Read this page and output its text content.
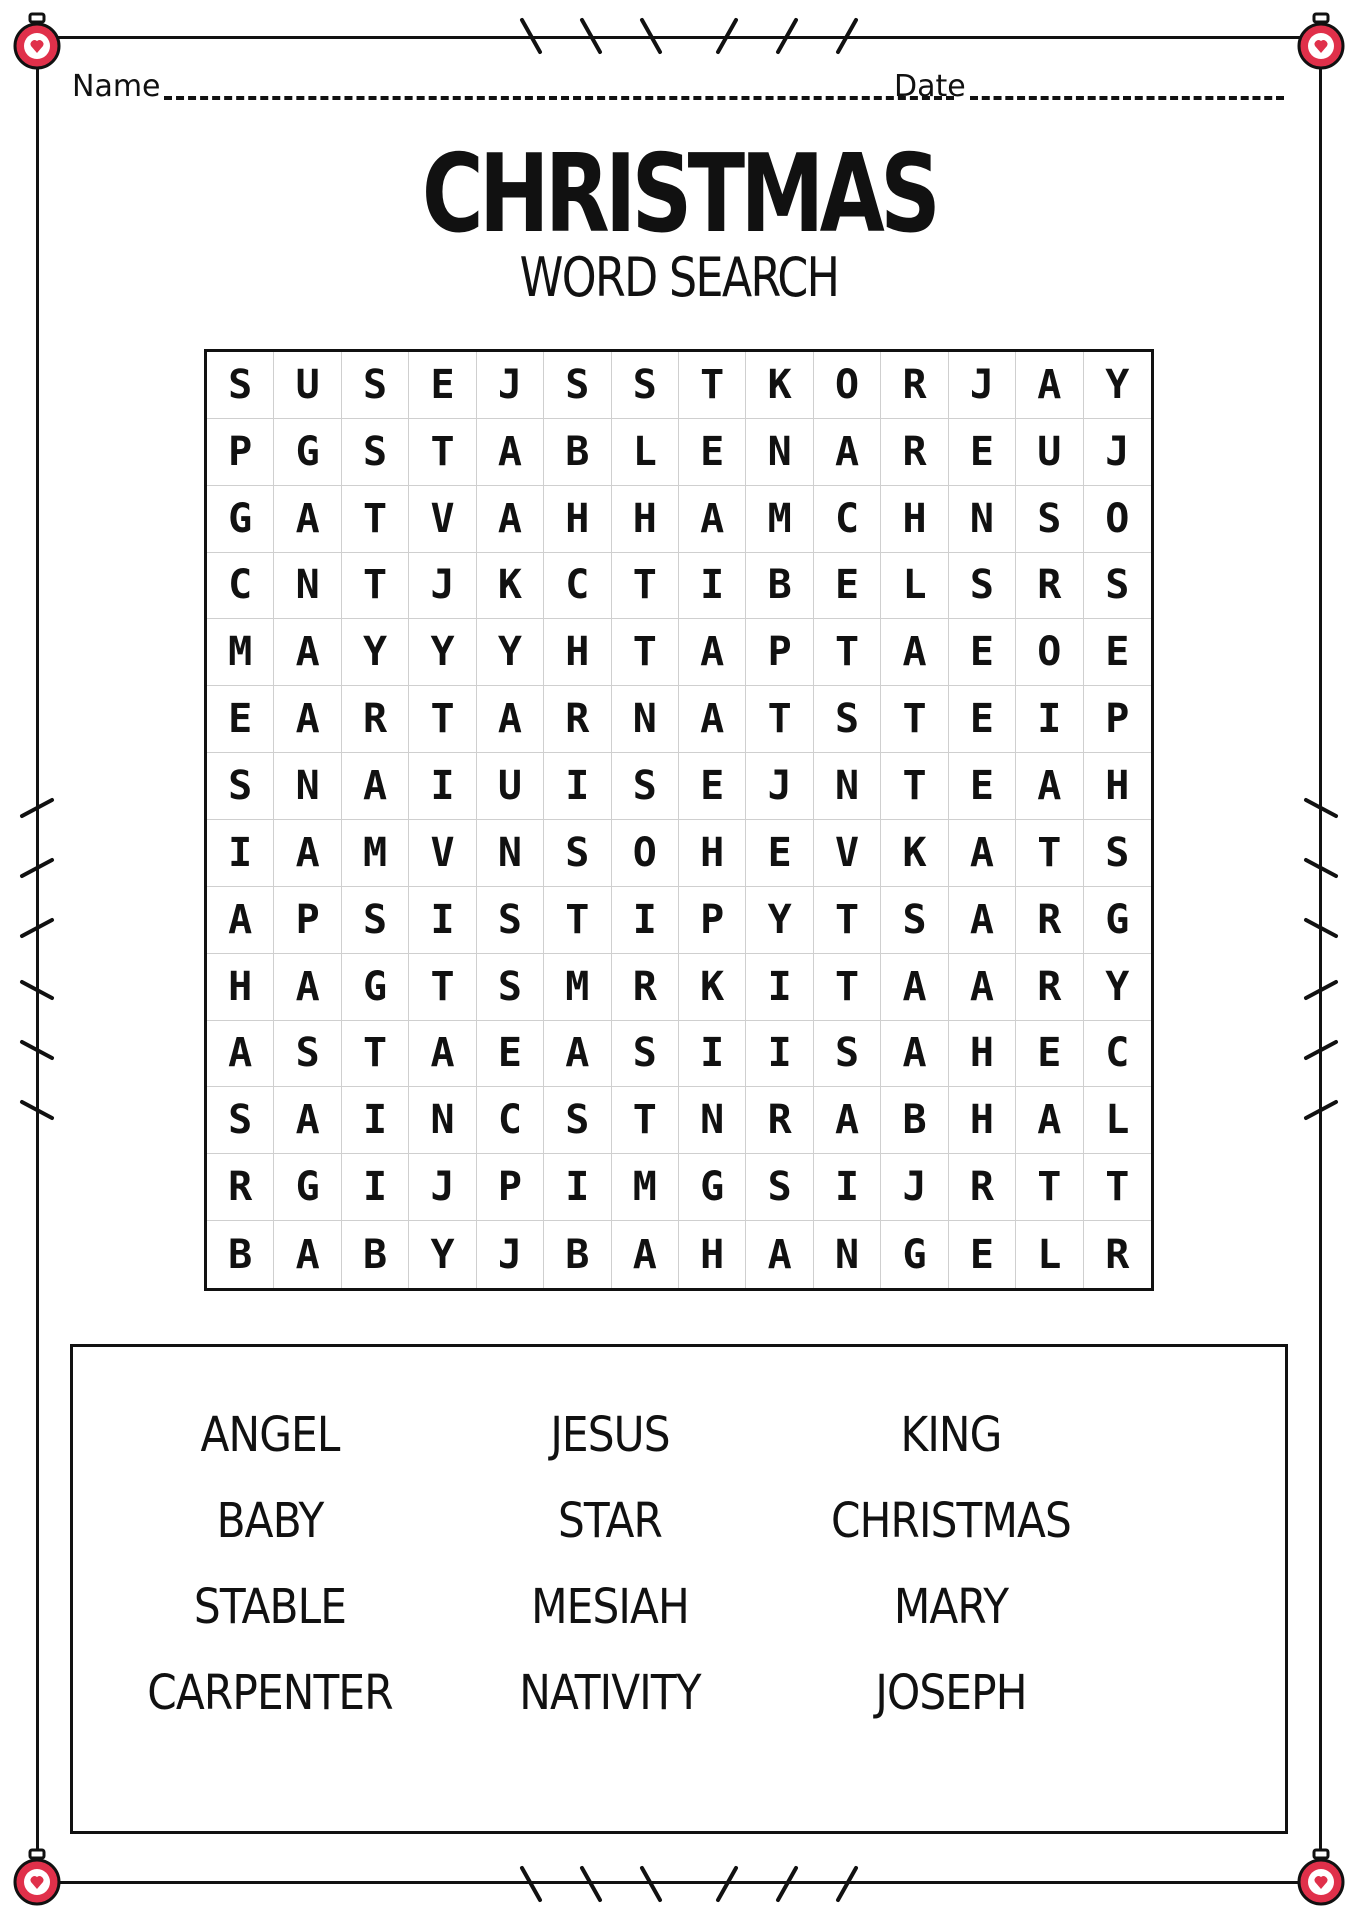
Name	Date
CHRISTMAS
WORD SEARCH
S	U	S	E	J	S	S	T	K	O	R	J	A	Y
P	G	S	T	A	B	L	E	N	A	R	E	U	J
G	A	T	V	A	H	H	A	M	C	H	N	S	O
C	N	T	J	K	C	T	I	B	E	L	S	R	S
M	A	Y	Y	Y	H	T	A	P	T	A	E	O	E
E	A	R	T	A	R	N	A	T	S	T	E	I	P
S	N	A	I	U	I	S	E	J	N	T	E	A	H
I	A	M	V	N	S	O	H	E	V	K	A	T	S
A	P	S	I	S	T	I	P	Y	T	S	A	R	G
H	A	G	T	S	M	R	K	I	T	A	A	R	Y
A	S	T	A	E	A	S	I	I	S	A	H	E	C
S	A	I	N	C	S	T	N	R	A	B	H	A	L
R	G	I	J	P	I	M	G	S	I	J	R	T	T
B	A	B	Y	J	B	A	H	A	N	G	E	L	R
ANGEL	JESUS	KING
BABY	STAR	CHRISTMAS
STABLE	MESIAH	MARY
CARPENTER	NATIVITY	JOSEPH
